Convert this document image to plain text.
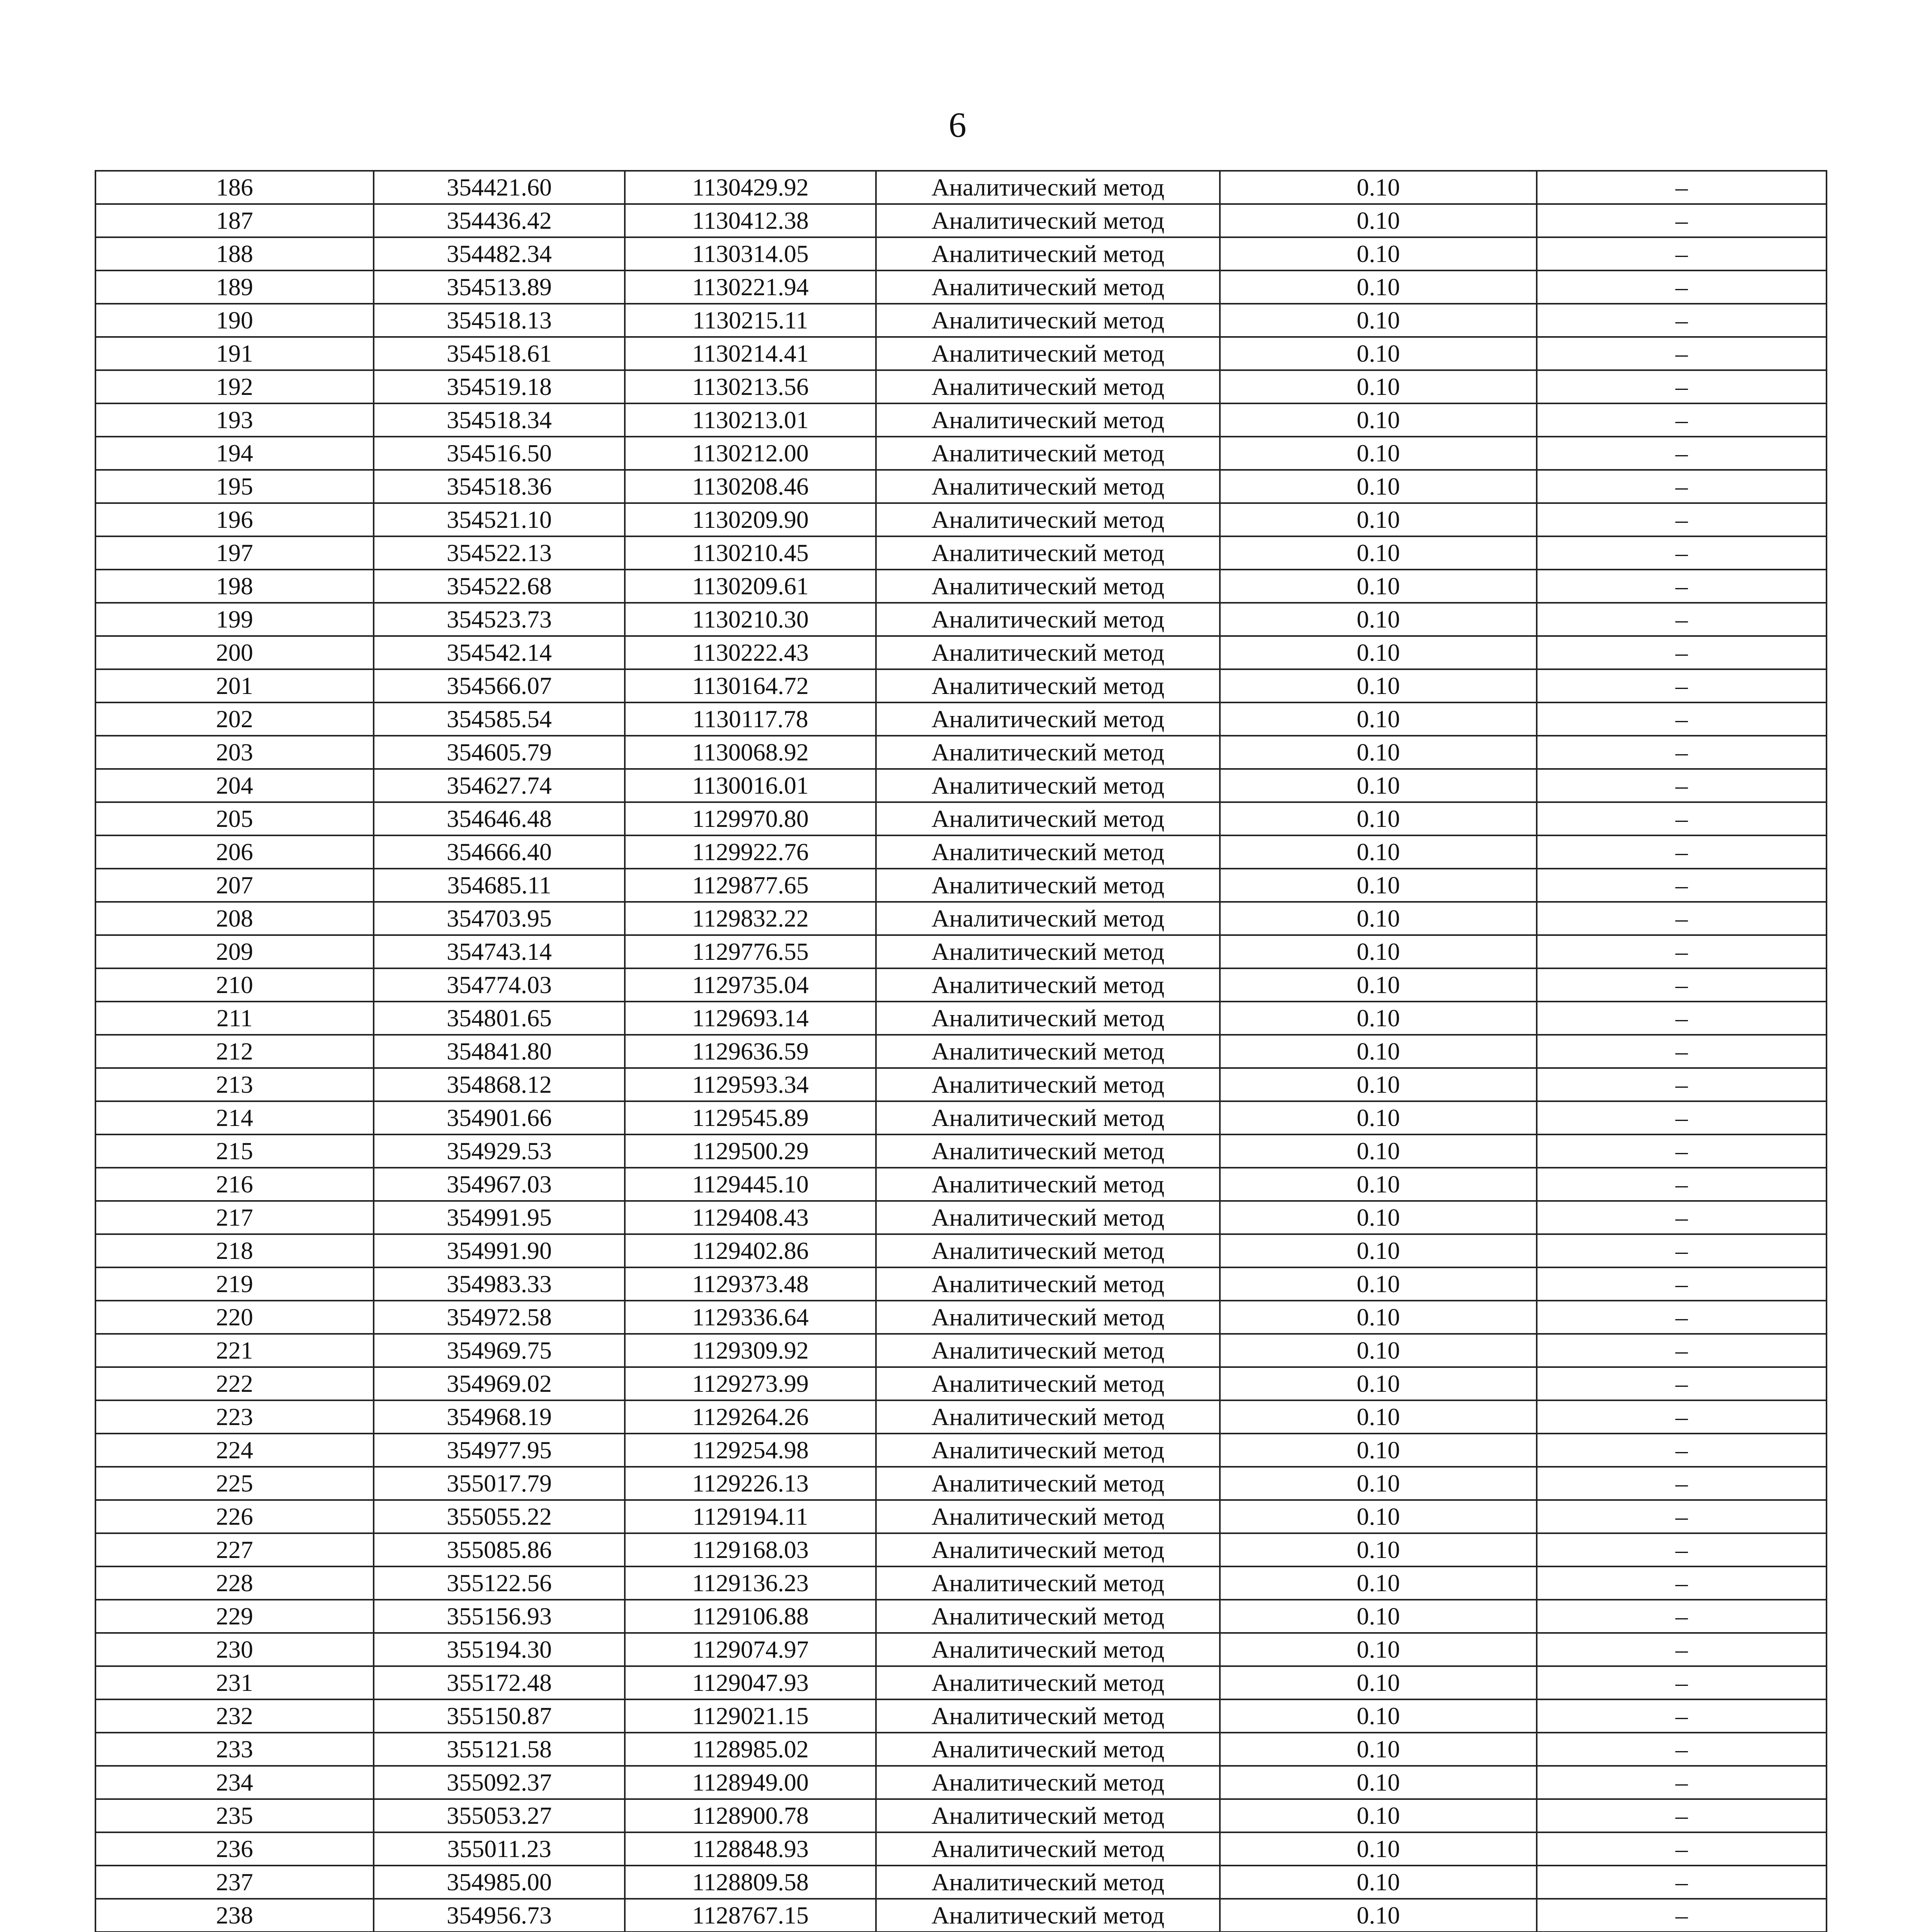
6
186	354421.60	1130429.92	Аналитический метод	0.10	–
187	354436.42	1130412.38	Аналитический метод	0.10	–
188	354482.34	1130314.05	Аналитический метод	0.10	–
189	354513.89	1130221.94	Аналитический метод	0.10	–
190	354518.13	1130215.11	Аналитический метод	0.10	–
191	354518.61	1130214.41	Аналитический метод	0.10	–
192	354519.18	1130213.56	Аналитический метод	0.10	–
193	354518.34	1130213.01	Аналитический метод	0.10	–
194	354516.50	1130212.00	Аналитический метод	0.10	–
195	354518.36	1130208.46	Аналитический метод	0.10	–
196	354521.10	1130209.90	Аналитический метод	0.10	–
197	354522.13	1130210.45	Аналитический метод	0.10	–
198	354522.68	1130209.61	Аналитический метод	0.10	–
199	354523.73	1130210.30	Аналитический метод	0.10	–
200	354542.14	1130222.43	Аналитический метод	0.10	–
201	354566.07	1130164.72	Аналитический метод	0.10	–
202	354585.54	1130117.78	Аналитический метод	0.10	–
203	354605.79	1130068.92	Аналитический метод	0.10	–
204	354627.74	1130016.01	Аналитический метод	0.10	–
205	354646.48	1129970.80	Аналитический метод	0.10	–
206	354666.40	1129922.76	Аналитический метод	0.10	–
207	354685.11	1129877.65	Аналитический метод	0.10	–
208	354703.95	1129832.22	Аналитический метод	0.10	–
209	354743.14	1129776.55	Аналитический метод	0.10	–
210	354774.03	1129735.04	Аналитический метод	0.10	–
211	354801.65	1129693.14	Аналитический метод	0.10	–
212	354841.80	1129636.59	Аналитический метод	0.10	–
213	354868.12	1129593.34	Аналитический метод	0.10	–
214	354901.66	1129545.89	Аналитический метод	0.10	–
215	354929.53	1129500.29	Аналитический метод	0.10	–
216	354967.03	1129445.10	Аналитический метод	0.10	–
217	354991.95	1129408.43	Аналитический метод	0.10	–
218	354991.90	1129402.86	Аналитический метод	0.10	–
219	354983.33	1129373.48	Аналитический метод	0.10	–
220	354972.58	1129336.64	Аналитический метод	0.10	–
221	354969.75	1129309.92	Аналитический метод	0.10	–
222	354969.02	1129273.99	Аналитический метод	0.10	–
223	354968.19	1129264.26	Аналитический метод	0.10	–
224	354977.95	1129254.98	Аналитический метод	0.10	–
225	355017.79	1129226.13	Аналитический метод	0.10	–
226	355055.22	1129194.11	Аналитический метод	0.10	–
227	355085.86	1129168.03	Аналитический метод	0.10	–
228	355122.56	1129136.23	Аналитический метод	0.10	–
229	355156.93	1129106.88	Аналитический метод	0.10	–
230	355194.30	1129074.97	Аналитический метод	0.10	–
231	355172.48	1129047.93	Аналитический метод	0.10	–
232	355150.87	1129021.15	Аналитический метод	0.10	–
233	355121.58	1128985.02	Аналитический метод	0.10	–
234	355092.37	1128949.00	Аналитический метод	0.10	–
235	355053.27	1128900.78	Аналитический метод	0.10	–
236	355011.23	1128848.93	Аналитический метод	0.10	–
237	354985.00	1128809.58	Аналитический метод	0.10	–
238	354956.73	1128767.15	Аналитический метод	0.10	–
